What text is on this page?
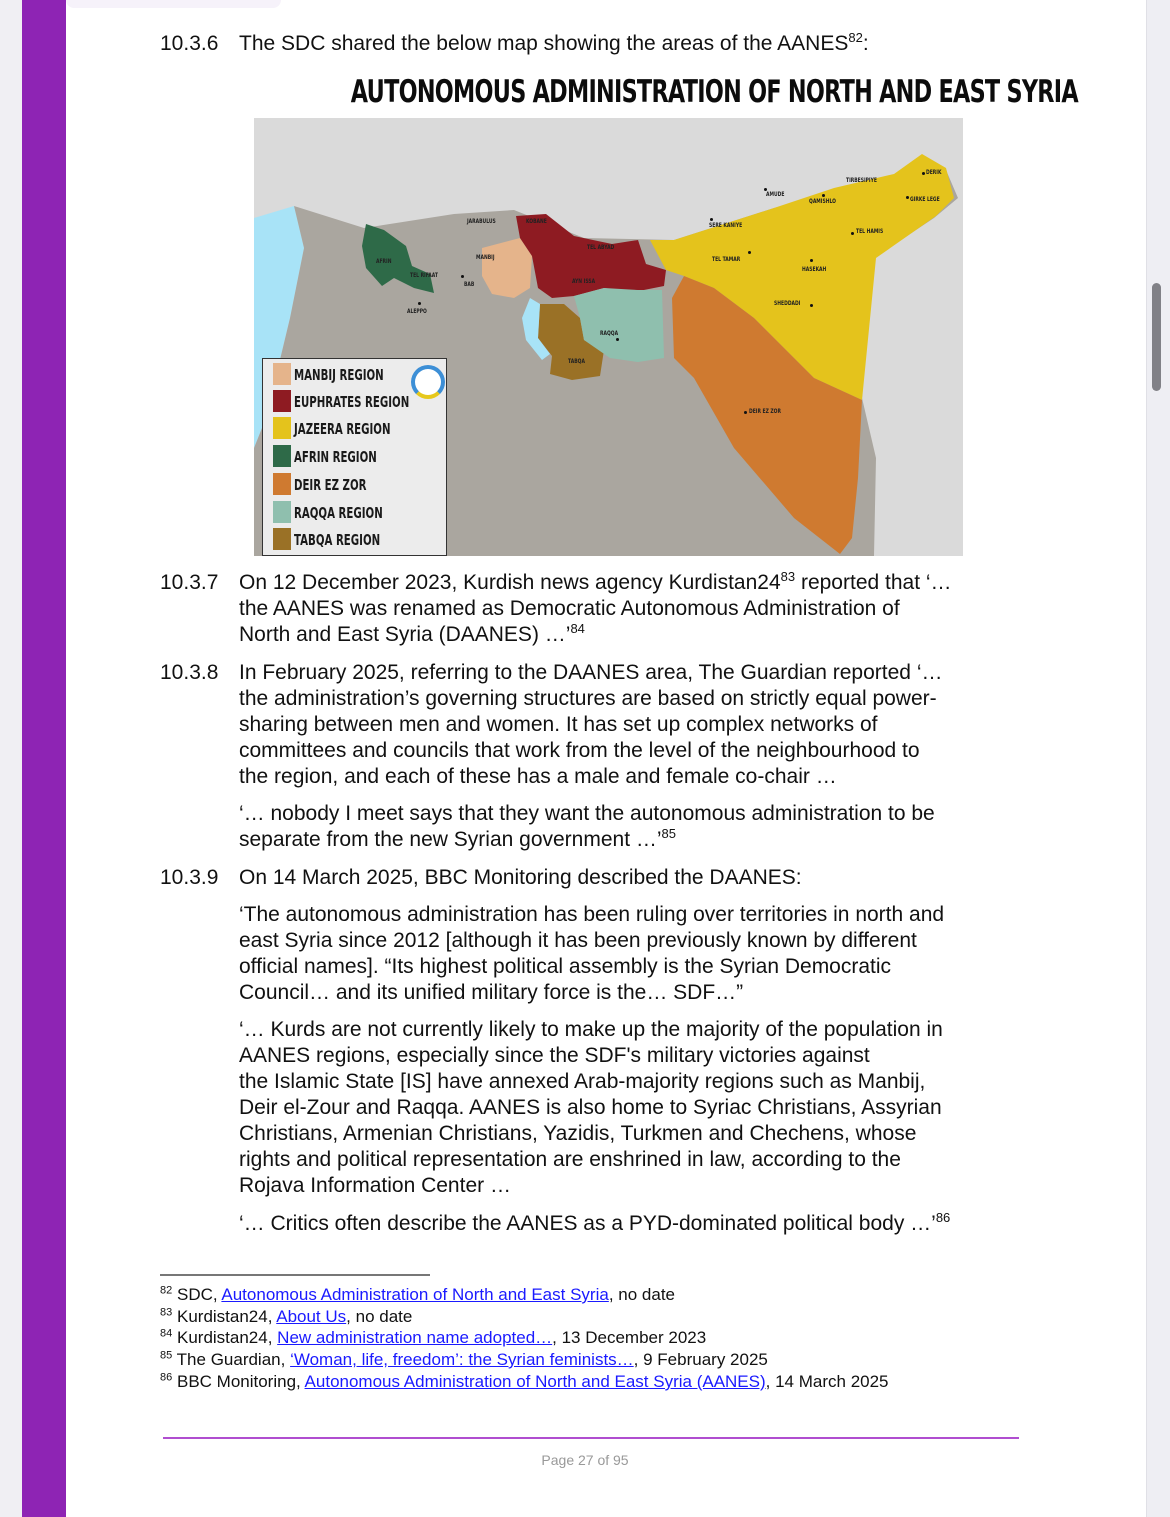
10.3.6 The SDC shared the below map showing the areas of the AANES$^{82}$:
AUTONOMOUS ADMINISTRATION OF NORTH AND EAST SYRIA
DERIK
TIRBESIPIYE
AMUDE
QAMISHLO	GIRKE LEGE
SERE KANIYE
TEL HAMIS
TEL TAMAR
HASEKAH
SHEDDADI
DEIR EZ ZOR
JARABULUS	KOBANE
TEL ABYAD
MANBIJ
AYN ISSA
AFRIN
TEL RIFAAT
BAB
ALEPPO
RAQQA
TABQA
MANBIJ REGION
EUPHRATES REGION
JAZEERA REGION
AFRIN REGION
DEIR EZ ZOR
RAQQA REGION
TABQA REGION
10.3.7 On 12 December 2023, Kurdish news agency $Kurdistan24^{83}$ reported that ‘…
the AANES was renamed as Democratic Autonomous Administration of
North and East Syria (DAANES) …’$^{84}$
10.3.8 In February 2025, referring to the DAANES area, The Guardian reported ‘…
the administration’s governing structures are based on strictly equal power-
sharing between men and women. It has set up complex networks of
committees and councils that work from the level of the neighbourhood to
the region, and each of these has a male and female co-chair …
‘… nobody I meet says that they want the autonomous administration to be
separate from the new Syrian government …’$^{85}$
10.3.9 On 14 March 2025, BBC Monitoring described the DAANES:
‘The autonomous administration has been ruling over territories in north and
east Syria since 2012 [although it has been previously known by different
official names]. “Its highest political assembly is the Syrian Democratic
Council… and its unified military force is the… SDF…”
‘… Kurds are not currently likely to make up the majority of the population in
AANES regions, especially since the SDF's military victories against
the Islamic State [IS] have annexed Arab-majority regions such as Manbij,
Deir el-Zour and Raqqa. AANES is also home to Syriac Christians, Assyrian
Christians, Armenian Christians, Yazidis, Turkmen and Chechens, whose
rights and political representation are enshrined in law, according to the
Rojava Information Center …
‘… Critics often describe the AANES as a PYD-dominated political body …’$^{86}$
$^{82}$ SDC, Autonomous Administration of North and East Syria, no date
$^{83}$ Kurdistan24, About Us, no date
$^{84}$ Kurdistan24, New administration name adopted…, 13 December 2023
$^{85}$ The Guardian, ‘Woman, life, freedom’: the Syrian feminists…, 9 February 2025
$^{86}$ BBC Monitoring, Autonomous Administration of North and East Syria (AANES), 14 March 2025
Page 27 of 95
